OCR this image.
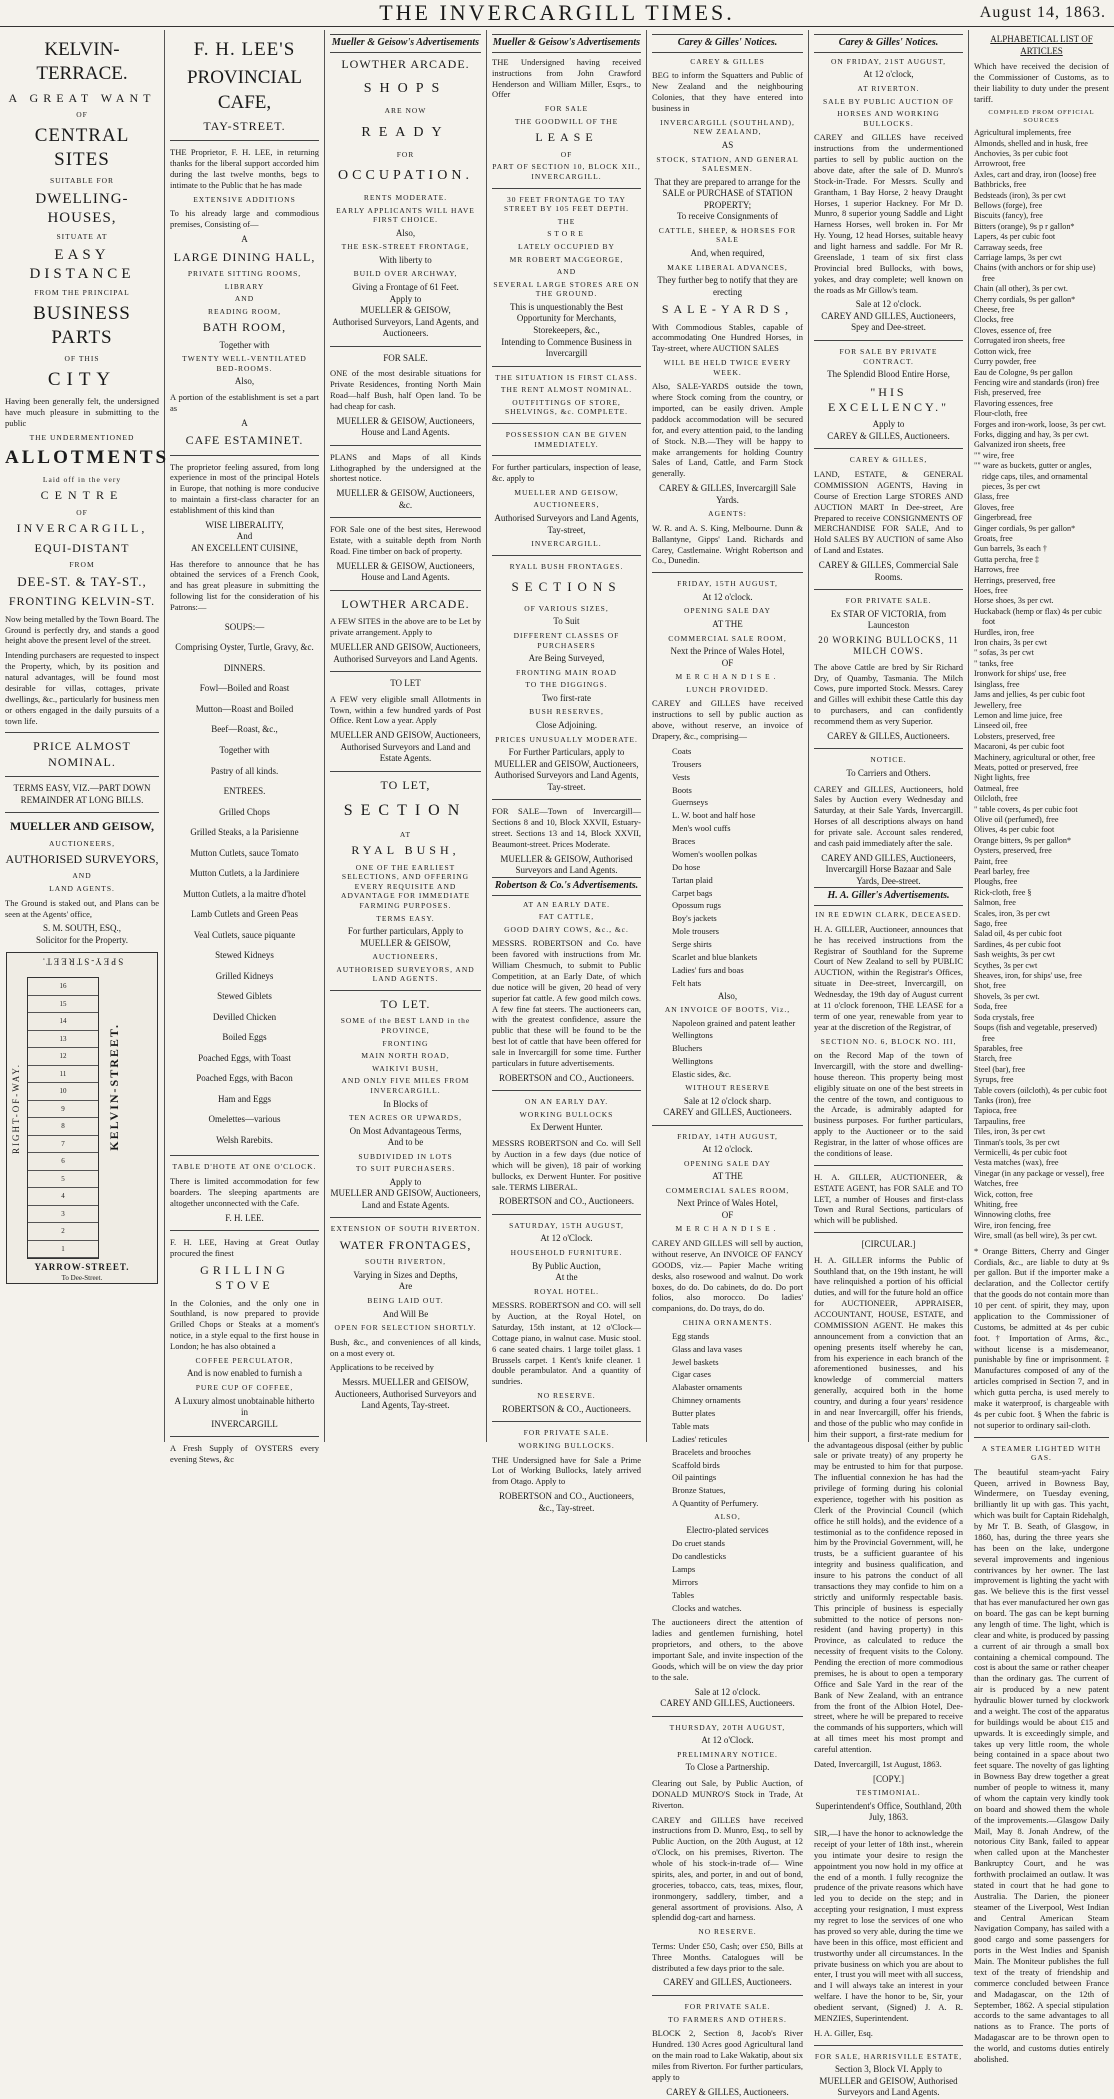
THE INVERCARGILL TIMES.	August 14, 1863.
KELVIN-TERRACE.
A GREAT WANT
OF
CENTRAL SITES
SUITABLE FOR
DWELLING-HOUSES,
SITUATE AT
EASY DISTANCE
FROM THE PRINCIPAL
BUSINESS PARTS
OF THIS
CITY
Having been generally felt, the undersigned have much pleasure in submitting to the public
THE UNDERMENTIONED
ALLOTMENTS
Laid off in the very
CENTRE
OF
INVERCARGILL,
EQUI-DISTANT
FROM
DEE-ST. & TAY-ST.,
FRONTING KELVIN-ST.
Now being metalled by the Town Board. The Ground is perfectly dry, and stands a good height above the present level of the street.
Intending purchasers are requested to inspect the Property, which, by its position and natural advantages, will be found most desirable for villas, cottages, private dwellings, &c., particularly for business men or others engaged in the daily pursuits of a town life.
PRICE ALMOST NOMINAL.
TERMS EASY, VIZ.—PART DOWN REMAINDER AT LONG BILLS.
MUELLER AND GEISOW,
AUCTIONEERS,
AUTHORISED SURVEYORS,
AND
LAND AGENTS.
The Ground is staked out, and Plans can be seen at the Agents' office,
S. M. SOUTH, ESQ.,
Solicitor for the Property.
SPEY-STREET.
16
15
14
13
12
11
10
9
8
7
6
5
4
3
2
1
RIGHT-OF-WAY.	KELVIN-STREET.
YARROW-STREET.
To Dee-Street.
F. H. LEE'S
PROVINCIAL CAFE,
TAY-STREET.
THE Proprietor, F. H. LEE, in returning thanks for the liberal support accorded him during the last twelve months, begs to intimate to the Public that he has made
EXTENSIVE ADDITIONS
To his already large and commodious premises, Consisting of—
A
LARGE DINING HALL,
PRIVATE SITTING ROOMS,
LIBRARY
AND
READING ROOM,
BATH ROOM,
Together with
TWENTY WELL-VENTILATED BED-ROOMS.
Also,
A portion of the establishment is set a part as
A
CAFE ESTAMINET.
The proprietor feeling assured, from long experience in most of the principal Hotels in Europe, that nothing is more conducive to maintain a first-class character for an establishment of this kind than
WISE LIBERALITY,
And
AN EXCELLENT CUISINE,
Has therefore to announce that he has obtained the services of a French Cook, and has great pleasure in submitting the following list for the consideration of his Patrons:—
SOUPS:—
Comprising Oyster, Turtle, Gravy, &c.
DINNERS.
Fowl—Boiled and Roast
Mutton—Roast and Boiled
Beef—Roast, &c.,
Together with
Pastry of all kinds.
ENTREES.
Grilled Chops
Grilled Steaks, a la Parisienne
Mutton Cutlets, sauce Tomato
Mutton Cutlets, a la Jardiniere
Mutton Cutlets, a la maitre d'hotel
Lamb Cutlets and Green Peas
Veal Cutlets, sauce piquante
Stewed Kidneys
Grilled Kidneys
Stewed Giblets
Devilled Chicken
Boiled Eggs
Poached Eggs, with Toast
Poached Eggs, with Bacon
Ham and Eggs
Omelettes—various
Welsh Rarebits.
TABLE D'HOTE AT ONE O'CLOCK.
There is limited accommodation for few boarders. The sleeping apartments are altogether unconnected with the Cafe.
F. H. LEE.
F. H. LEE, Having at Great Outlay procured the finest
GRILLING STOVE
In the Colonies, and the only one in Southland, is now prepared to provide Grilled Chops or Steaks at a moment's notice, in a style equal to the first house in London; he has also obtained a
COFFEE PERCULATOR,
And is now enabled to furnish a
PURE CUP OF COFFEE,
A Luxury almost unobtainable hitherto in
INVERCARGILL
A Fresh Supply of OYSTERS every evening Stews, &c
Mueller & Geisow's Advertisements
LOWTHER ARCADE.
SHOPS
ARE NOW
READY
FOR
OCCUPATION.
RENTS MODERATE.
EARLY APPLICANTS WILL HAVE FIRST CHOICE.
Also,
THE ESK-STREET FRONTAGE,
With liberty to
BUILD OVER ARCHWAY,
Giving a Frontage of 61 Feet.
Apply to
MUELLER & GEISOW,
Authorised Surveyors, Land Agents, and Auctioneers.
FOR SALE.
ONE of the most desirable situations for Private Residences, fronting North Main Road—half Bush, half Open land. To be had cheap for cash.
MUELLER & GEISOW, Auctioneers, House and Land Agents.
PLANS and Maps of all Kinds Lithographed by the undersigned at the shortest notice.
MUELLER & GEISOW, Auctioneers, &c.
FOR Sale one of the best sites, Herewood Estate, with a suitable depth from North Road. Fine timber on back of property.
MUELLER & GEISOW, Auctioneers, House and Land Agents.
LOWTHER ARCADE.
A FEW SITES in the above are to be Let by private arrangement. Apply to
MUELLER AND GEISOW, Auctioneers, Authorised Surveyors and Land Agents.
TO LET
A FEW very eligible small Allotments in Town, within a few hundred yards of Post Office. Rent Low a year. Apply
MUELLER AND GEISOW, Auctioneers, Authorised Surveyors and Land and Estate Agents.
TO LET,
SECTION
AT
RYAL BUSH,
ONE OF THE EARLIEST SELECTIONS, AND OFFERING EVERY REQUISITE AND ADVANTAGE FOR IMMEDIATE FARMING PURPOSES.
TERMS EASY.
For further particulars, Apply to
MUELLER & GEISOW,
AUCTIONEERS,
AUTHORISED SURVEYORS, AND LAND AGENTS.
TO LET.
SOME of the BEST LAND in the PROVINCE,
FRONTING
MAIN NORTH ROAD,
WAIKIVI BUSH,
AND ONLY FIVE MILES FROM INVERCARGILL.
In Blocks of
TEN ACRES OR UPWARDS,
On Most Advantageous Terms,
And to be
SUBDIVIDED IN LOTS
TO SUIT PURCHASERS.
Apply to
MUELLER AND GEISOW, Auctioneers, Land and Estate Agents.
EXTENSION OF SOUTH RIVERTON.
WATER FRONTAGES,
SOUTH RIVERTON,
Varying in Sizes and Depths,
Are
BEING LAID OUT.
And Will Be
OPEN FOR SELECTION SHORTLY.
Bush, &c., and conveniences of all kinds, on a most every ot.
Applications to be received by
Messrs. MUELLER and GEISOW, Auctioneers, Authorised Surveyors and Land Agents, Tay-street.
Mueller & Geisow's Advertisements
THE Undersigned having received instructions from John Crawford Henderson and William Miller, Esqrs., to Offer
FOR SALE
THE GOODWILL OF THE
LEASE
OF
PART OF SECTION 10, BLOCK XII., INVERCARGILL.
30 FEET FRONTAGE TO TAY STREET BY 105 FEET DEPTH.
THE
STORE
LATELY OCCUPIED BY
MR ROBERT MACGEORGE,
AND
SEVERAL LARGE STORES ARE ON THE GROUND.
This is unquestionably the Best Opportunity for Merchants, Storekeepers, &c.,
Intending to Commence Business in Invercargill
THE SITUATION IS FIRST CLASS.
THE RENT ALMOST NOMINAL.
OUTFITTINGS OF STORE, SHELVINGS, &c. COMPLETE.
POSSESSION CAN BE GIVEN IMMEDIATELY.
For further particulars, inspection of lease, &c. apply to
MUELLER AND GEISOW,
AUCTIONEERS,
Authorised Surveyors and Land Agents,
Tay-street,
INVERCARGILL.
RYALL BUSH FRONTAGES.
SECTIONS
OF VARIOUS SIZES,
To Suit
DIFFERENT CLASSES OF PURCHASERS
Are Being Surveyed,
FRONTING MAIN ROAD
TO THE DIGGINGS.
Two first-rate
BUSH RESERVES,
Close Adjoining.
PRICES UNUSUALLY MODERATE.
For Further Particulars, apply to MUELLER and GEISOW, Auctioneers, Authorised Surveyors and Land Agents, Tay-street.
FOR SALE—Town of Invercargill—Sections 8 and 10, Block XXVII, Estuary-street. Sections 13 and 14, Block XXVII, Beaumont-street. Prices Moderate.
MUELLER & GEISOW, Authorised Surveyors and Land Agents.
Robertson & Co.'s Advertisements.
AT AN EARLY DATE.
FAT CATTLE,
GOOD DAIRY COWS, &c., &c.
MESSRS. ROBERTSON and Co. have been favored with instructions from Mr. William Chesmuch, to submit to Public Competition, at an Early Date, of which due notice will be given, 20 head of very superior fat cattle. A few good milch cows. A few fine fat steers. The auctioneers can, with the greatest confidence, assure the public that these will be found to be the best lot of cattle that have been offered for sale in Invercargill for some time. Further particulars in future advertisements.
ROBERTSON and CO., Auctioneers.
ON AN EARLY DAY.
WORKING BULLOCKS
Ex Derwent Hunter.
MESSRS ROBERTSON and Co. will Sell by Auction in a few days (due notice of which will be given), 18 pair of working bullocks, ex Derwent Hunter. For positive sale. TERMS LIBERAL.
ROBERTSON and CO., Auctioneers.
SATURDAY, 15TH AUGUST,
At 12 o'Clock.
HOUSEHOLD FURNITURE.
By Public Auction,
At the
ROYAL HOTEL.
MESSRS. ROBERTSON and CO. will sell by Auction, at the Royal Hotel, on Saturday, 15th instant, at 12 o'Clock— Cottage piano, in walnut case. Music stool. 6 cane seated chairs. 1 large toilet glass. 1 Brussels carpet. 1 Kent's knife cleaner. 1 double perambulator. And a quantity of sundries.
NO RESERVE.
ROBERTSON & CO., Auctioneers.
FOR PRIVATE SALE.
WORKING BULLOCKS.
THE Undersigned have for Sale a Prime Lot of Working Bullocks, lately arrived from Otago. Apply to
ROBERTSON and CO., Auctioneers, &c., Tay-street.
Carey & Gilles' Notices.
CAREY & GILLES
BEG to inform the Squatters and Public of New Zealand and the neighbouring Colonies, that they have entered into business in
INVERCARGILL (SOUTHLAND), NEW ZEALAND,
AS
STOCK, STATION, AND GENERAL SALESMEN.
That they are prepared to arrange for the SALE or PURCHASE of STATION PROPERTY;
To receive Consignments of
CATTLE, SHEEP, & HORSES FOR SALE
And, when required,
MAKE LIBERAL ADVANCES,
They further beg to notify that they are erecting
SALE-YARDS,
With Commodious Stables, capable of accommodating One Hundred Horses, in Tay-street, where AUCTION SALES
WILL BE HELD TWICE EVERY WEEK.
Also, SALE-YARDS outside the town, where Stock coming from the country, or imported, can be easily driven. Ample paddock accommodation will be secured for, and every attention paid, to the landing of Stock. N.B.—They will be happy to make arrangements for holding Country Sales of Land, Cattle, and Farm Stock generally.
CAREY & GILLES, Invercargill Sale Yards.
AGENTS:
W. R. and A. S. King, Melbourne. Dunn & Ballantyne, Gipps' Land. Richards and Carey, Castlemaine. Wright Robertson and Co., Dunedin.
FRIDAY, 15TH AUGUST,
At 12 o'clock.
OPENING SALE DAY
AT THE
COMMERCIAL SALE ROOM,
Next the Prince of Wales Hotel,
OF
MERCHANDISE.
LUNCH PROVIDED.
CAREY and GILLES have received instructions to sell by public auction as above, without reserve, an invoice of Drapery, &c., comprising—
Coats
Trousers
Vests
Boots
Guernseys
L. W. boot and half hose
Men's wool cuffs
Braces
Women's woollen polkas
Do hose
Tartan plaid
Carpet bags
Opossum rugs
Boy's jackets
Mole trousers
Serge shirts
Scarlet and blue blankets
Ladies' furs and boas
Felt hats
Also,
AN INVOICE OF BOOTS, Viz.,
Napoleon grained and patent leather
Wellingtons
Bluchers
Wellingtons
Elastic sides, &c.
WITHOUT RESERVE
Sale at 12 o'clock sharp.
CAREY and GILLES, Auctioneers.
FRIDAY, 14TH AUGUST,
At 12 o'clock.
OPENING SALE DAY
AT THE
COMMERCIAL SALES ROOM,
Next Prince of Wales Hotel,
OF
MERCHANDISE.
CAREY AND GILLES will sell by auction, without reserve, An INVOICE OF FANCY GOODS, viz.— Papier Mache writing desks, also rosewood and walnut. Do work boxes, do do. Do cabinets, do do. Do port folios, also morocco. Do ladies' companions, do. Do trays, do do.
CHINA ORNAMENTS.
Egg stands
Glass and lava vases
Jewel baskets
Cigar cases
Alabaster ornaments
Chimney ornaments
Butter plates
Table mats
Ladies' reticules
Bracelets and brooches
Scaffold birds
Oil paintings
Bronze Statues,
A Quantity of Perfumery.
ALSO,
Electro-plated services
Do cruet stands
Do candlesticks
Lamps
Mirrors
Tables
Clocks and watches.
The auctioneers direct the attention of ladies and gentlemen furnishing, hotel proprietors, and others, to the above important Sale, and invite inspection of the Goods, which will be on view the day prior to the sale.
Sale at 12 o'clock.
CAREY AND GILLES, Auctioneers.
THURSDAY, 20TH AUGUST,
At 12 o'Clock.
PRELIMINARY NOTICE.
To Close a Partnership.
Clearing out Sale, by Public Auction, of DONALD MUNRO'S Stock in Trade, At Riverton.
CAREY and GILLES have received instructions from D. Munro, Esq., to sell by Public Auction, on the 20th August, at 12 o'Clock, on his premises, Riverton. The whole of his stock-in-trade of— Wine spirits, ales, and porter, in and out of bond, groceries, tobacco, cats, teas, mixes, flour, ironmongery, saddlery, timber, and a general assortment of provisions. Also, A splendid dog-cart and harness.
NO RESERVE.
Terms: Under £50, Cash; over £50, Bills at Three Months. Catalogues will be distributed a few days prior to the sale.
CAREY and GILLES, Auctioneers.
FOR PRIVATE SALE.
TO FARMERS AND OTHERS.
BLOCK 2, Section 8, Jacob's River Hundred. 130 Acres good Agricultural land on the main road to Lake Wakatip, about six miles from Riverton. For further particulars, apply to
CAREY & GILLES, Auctioneers.
Carey & Gilles' Notices.
ON FRIDAY, 21ST AUGUST,
At 12 o'clock,
AT RIVERTON.
SALE BY PUBLIC AUCTION OF
HORSES AND WORKING BULLOCKS.
CAREY and GILLES have received instructions from the undermentioned parties to sell by public auction on the above date, after the sale of D. Munro's Stock-in-Trade. For Messrs. Scully and Grantham, 1 Bay Horse, 2 heavy Draught Horses, 1 superior Hackney. For Mr D. Munro, 8 superior young Saddle and Light Harness Horses, well broken in. For Mr Hy. Young, 12 head Horses, suitable heavy and light harness and saddle. For Mr R. Greenslade, 1 team of six first class Provincial bred Bullocks, with bows, yokes, and dray complete; well known on the roads as Mr Gillow's team.
Sale at 12 o'clock.
CAREY AND GILLES, Auctioneers, Spey and Dee-street.
FOR SALE BY PRIVATE CONTRACT.
The Splendid Blood Entire Horse,
"HIS EXCELLENCY."
Apply to
CAREY & GILLES, Auctioneers.
CAREY & GILLES,
LAND, ESTATE, & GENERAL COMMISSION AGENTS, Having in Course of Erection Large STORES AND AUCTION MART In Dee-street, Are Prepared to receive CONSIGNMENTS OF MERCHANDISE FOR SALE, And to Hold SALES BY AUCTION of same Also of Land and Estates.
CAREY & GILLES, Commercial Sale Rooms.
FOR PRIVATE SALE.
Ex STAR OF VICTORIA, from Launceston
20 WORKING BULLOCKS, 11 MILCH COWS.
The above Cattle are bred by Sir Richard Dry, of Quamby, Tasmania. The Milch Cows, pure imported Stock. Messrs. Carey and Gilles will exhibit these Cattle this day to purchasers, and can confidently recommend them as very Superior.
CAREY & GILLES, Auctioneers.
NOTICE.
To Carriers and Others.
CAREY and GILLES, Auctioneers, hold Sales by Auction every Wednesday and Saturday, at their Sale Yards, Invercargill. Horses of all descriptions always on hand for private sale. Account sales rendered, and cash paid immediately after the sale.
CAREY AND GILLES, Auctioneers, Invercargill Horse Bazaar and Sale Yards, Dee-street.
H. A. Giller's Advertisements.
IN RE EDWIN CLARK, DECEASED.
H. A. GILLER, Auctioneer, announces that he has received instructions from the Registrar of Southland for the Supreme Court of New Zealand to sell by PUBLIC AUCTION, within the Registrar's Offices, situate in Dee-street, Invercargill, on Wednesday, the 19th day of August current at 11 o'clock forenoon, THE LEASE for a term of one year, renewable from year to year at the discretion of the Registrar, of
SECTION NO. 6, BLOCK NO. III,
on the Record Map of the town of Invercargill, with the store and dwelling-house thereon. This property being most eligibly situate on one of the best streets in the centre of the town, and contiguous to the Arcade, is admirably adapted for business purposes. For further particulars, apply to the Auctioneer or to the said Registrar, in the latter of whose offices are the conditions of lease.
H. A. GILLER, AUCTIONEER, & ESTATE AGENT, has FOR SALE and TO LET, a number of Houses and first-class Town and Rural Sections, particulars of which will be published.
[CIRCULAR.]
H. A. GILLER informs the Public of Southland that, on the 19th instant, he will have relinquished a portion of his official duties, and will for the future hold an office for AUCTIONEER, APPRAISER, ACCOUNTANT, HOUSE, ESTATE, and COMMISSION AGENT. He makes this announcement from a conviction that an opening presents itself whereby he can, from his experience in each branch of the aforementioned businesses, and his knowledge of commercial matters generally, acquired both in the home country, and during a four years' residence in and near Invercargill, offer his friends, and those of the public who may confide in him their support, a first-rate medium for the advantageous disposal (either by public sale or private treaty) of any property he may be entrusted to him for that purpose. The influential connexion he has had the privilege of forming during his colonial experience, together with his position as Clerk of the Provincial Council (which office he still holds), and the evidence of a testimonial as to the confidence reposed in him by the Provincial Government, will, he trusts, be a sufficient guarantee of his integrity and business qualification, and insure to his patrons the conduct of all transactions they may confide to him on a strictly and uniformly respectable basis. This principle of business is especially submitted to the notice of persons non-resident (and having property) in this Province, as calculated to reduce the necessity of frequent visits to the Colony. Pending the erection of more commodious premises, he is about to open a temporary Office and Sale Yard in the rear of the Bank of New Zealand, with an entrance from the front of the Albion Hotel, Dee-street, where he will be prepared to receive the commands of his supporters, which will at all times meet his most prompt and careful attention.
Dated, Invercargill, 1st August, 1863.
[COPY.]
TESTIMONIAL.
Superintendent's Office, Southland, 20th July, 1863.
SIR,—I have the honor to acknowledge the receipt of your letter of 18th inst., wherein you intimate your desire to resign the appointment you now hold in my office at the end of a month. I fully recognize the prudence of the private reasons which have led you to decide on the step; and in accepting your resignation, I must express my regret to lose the services of one who has proved so very able, during the time we have been in this office, most efficient and trustworthy under all circumstances. In the private business on which you are about to enter, I trust you will meet with all success, and I will always take an interest in your welfare. I have the honor to be, Sir, your obedient servant, (Signed) J. A. R. MENZIES, Superintendent.
H. A. Giller, Esq.
FOR SALE, HARRISVILLE ESTATE,
Section 3, Block VI. Apply to
MUELLER and GEISOW, Authorised Surveyors and Land Agents.
ALPHABETICAL LIST OF ARTICLES
Which have received the decision of the Commissioner of Customs, as to their liability to duty under the present tariff.
COMPILED FROM OFFICIAL SOURCES
Agricultural implements, free
Almonds, shelled and in husk, free
Anchovies, 3s per cubic foot
Arrowroot, free
Axles, cart and dray, iron (loose) free
Bathbricks, free
Bedsteads (iron), 3s per cwt
Bellows (forge), free
Biscuits (fancy), free
Bitters (orange), 9s p r gallon*
Lapers, 4s per cubic foot
Carraway seeds, free
Carriage lamps, 3s per cwt
Chains (with anchors or for ship use) free
Chain (all other), 3s per cwt.
Cherry cordials, 9s per gallon*
Cheese, free
Clocks, free
Cloves, essence of, free
Corrugated iron sheets, free
Cotton wick, free
Curry powder, free
Eau de Cologne, 9s per gallon
Fencing wire and standards (iron) free
Fish, preserved, free
Flavoring essences, free
Flour-cloth, free
Forges and iron-work, loose, 3s per cwt.
Forks, digging and hay, 3s per cwt.
Galvanized iron sheets, free
"" wire, free
"" ware as buckets, gutter or angles, ridge caps, tiles, and ornamental pieces, 3s per cwt
Glass, free
Gloves, free
Gingerbread, free
Ginger cordials, 9s per gallon*
Groats, free
Gun barrels, 3s each †
Gutta percha, free ‡
Harrows, free
Herrings, preserved, free
Hoes, free
Horse shoes, 3s per cwt.
Huckaback (hemp or flax) 4s per cubic foot
Hurdles, iron, free
Iron chairs, 3s per cwt
" sofas, 3s per cwt
" tanks, free
Ironwork for ships' use, free
Isinglass, free
Jams and jellies, 4s per cubic foot
Jewellery, free
Lemon and lime juice, free
Linseed oil, free
Lobsters, preserved, free
Macaroni, 4s per cubic foot
Machinery, agricultural or other, free
Meats, potted or preserved, free
Night lights, free
Oatmeal, free
Oilcloth, free
" table covers, 4s per cubic foot
Olive oil (perfumed), free
Olives, 4s per cubic foot
Orange bitters, 9s per gallon*
Oysters, preserved, free
Paint, free
Pearl barley, free
Ploughs, free
Rick-cloth, free §
Salmon, free
Scales, iron, 3s per cwt
Sago, free
Salad oil, 4s per cubic foot
Sardines, 4s per cubic foot
Sash weights, 3s per cwt
Scythes, 3s per cwt
Sheaves, iron, for ships' use, free
Shot, free
Shovels, 3s per cwt.
Soda, free
Soda crystals, free
Soups (fish and vegetable, preserved) free
Sparables, free
Starch, free
Steel (bar), free
Syrups, free
Table covers (oilcloth), 4s per cubic foot
Tanks (iron), free
Tapioca, free
Tarpaulins, free
Tiles, iron, 3s per cwt
Tinman's tools, 3s per cwt
Vermicelli, 4s per cubic foot
Vesta matches (wax), free
Vinegar (in any package or vessel), free
Watches, free
Wick, cotton, free
Whiting, free
Winnowing cloths, free
Wire, iron fencing, free
Wire, small (as bell wire), 3s per cwt.
* Orange Bitters, Cherry and Ginger Cordials, &c., are liable to duty at 9s per gallon. But if the importer make a declaration, and the Collector certify that the goods do not contain more than 10 per cent. of spirit, they may, upon application to the Commissioner of Customs, be admitted at 4s per cubic foot. † Importation of Arms, &c., without license is a misdemeanor, punishable by fine or imprisonment. ‡ Manufactures composed of any of the articles comprised in Section 7, and in which gutta percha, is used merely to make it waterproof, is chargeable with 4s per cubic foot. § When the fabric is not superior to ordinary sail-cloth.
A STEAMER LIGHTED WITH GAS.
The beautiful steam-yacht Fairy Queen, arrived in Bowness Bay, Windermere, on Tuesday evening, brilliantly lit up with gas. This yacht, which was built for Captain Ridehalgh, by Mr T. B. Seath, of Glasgow, in 1860, has, during the three years she has been on the lake, undergone several improvements and ingenious contrivances by her owner. The last improvement is lighting the yacht with gas. We believe this is the first vessel that has ever manufactured her own gas on board. The gas can be kept burning any length of time. The light, which is clear and white, is produced by passing a current of air through a small box containing a chemical compound. The cost is about the same or rather cheaper than the ordinary gas. The current of air is produced by a new patent hydraulic blower turned by clockwork and a weight. The cost of the apparatus for buildings would be about £15 and upwards. It is exceedingly simple, and takes up very little room, the whole being contained in a space about two feet square. The novelty of gas lighting in Bowness Bay drew together a great number of people to witness it, many of whom the captain very kindly took on board and showed them the whole of the improvements.—Glasgow Daily Mail, May 8. Jonah Andrew, of the notorious City Bank, failed to appear when called upon at the Manchester Bankruptcy Court, and he was forthwith proclaimed an outlaw. It was stated in court that he had gone to Australia. The Darien, the pioneer steamer of the Liverpool, West Indian and Central American Steam Navigation Company, has sailed with a good cargo and some passengers for ports in the West Indies and Spanish Main. The Moniteur publishes the full text of the treaty of friendship and commerce concluded between France and Madagascar, on the 12th of September, 1862. A special stipulation accords to the same advantages to all nations as to France. The ports of Madagascar are to be thrown open to the world, and customs duties entirely abolished.
